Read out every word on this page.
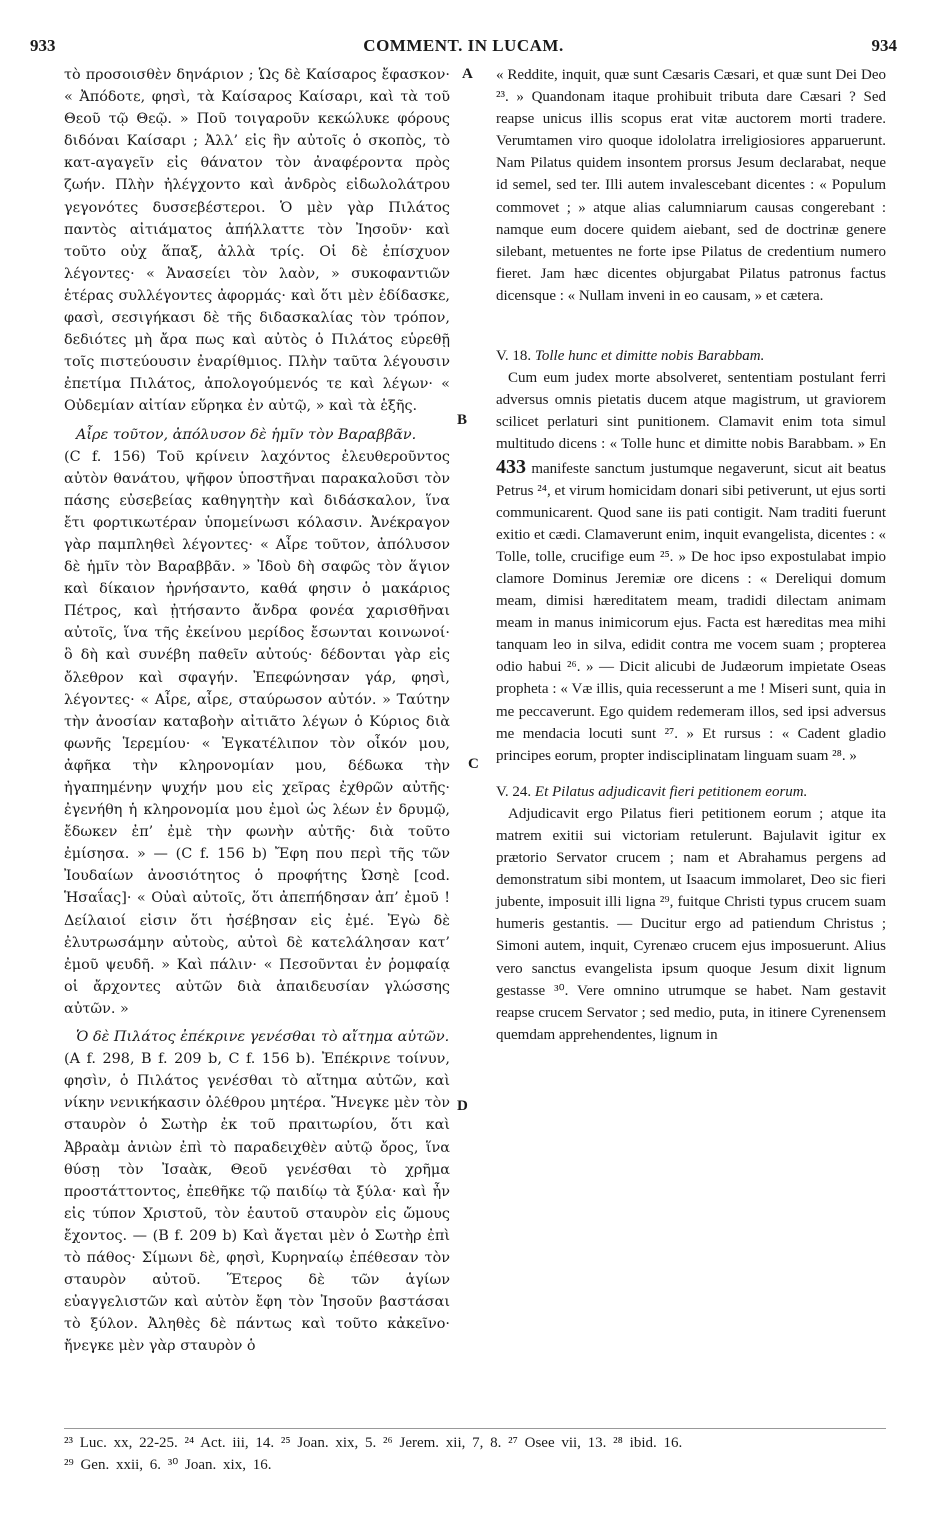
933	COMMENT. IN LUCAM.	934
A
B
C
D

τὸ προσοισθὲν δηνάριον ; Ὡς δὲ Καίσαρος ἔφασκον· « Ἀπόδοτε, φησὶ, τὰ Καίσαρος Καίσαρι, καὶ τὰ τοῦ Θεοῦ τῷ Θεῷ. » Ποῦ τοιγαροῦν κεκώλυκε φόρους διδόναι Καίσαρι ; Ἀλλ’ εἰς ἣν αὐτοῖς ὁ σκοπὸς, τὸ κατ-αγαγεῖν εἰς θάνατον τὸν ἀναφέροντα πρὸς ζωήν. Πλὴν ἠλέγχοντο καὶ ἀνδρὸς εἰδωλολάτρου γεγονότες δυσσεβέστεροι. Ὁ μὲν γὰρ Πιλάτος παντὸς αἰτιάματος ἀπήλλαττε τὸν Ἰησοῦν· καὶ τοῦτο οὐχ ἅπαξ, ἀλλὰ τρίς. Οἱ δὲ ἐπίσχυον λέγοντες· « Ἀνασείει τὸν λαὸν, » συκοφαντιῶν ἑτέρας συλλέγοντες ἀφορμάς· καὶ ὅτι μὲν ἐδίδασκε, φασὶ, σεσιγήκασι δὲ τῆς διδασκαλίας τὸν τρόπον, δεδιότες μὴ ἄρα πως καὶ αὐτὸς ὁ Πιλάτος εὑρεθῇ τοῖς πιστεύουσιν ἐναρίθμιος. Πλὴν ταῦτα λέγουσιν ἐπετίμα Πιλάτος, ἀπολογούμενός τε καὶ λέγων· « Οὐδεμίαν αἰτίαν εὕρηκα ἐν αὐτῷ, » καὶ τὰ ἑξῆς.

Αἶρε τοῦτον, ἀπόλυσον δὲ ἡμῖν τὸν Βαραββᾶν.

(C f. 156) Τοῦ κρίνειν λαχόντος ἐλευθεροῦντος αὐτὸν θανάτου, ψῆφον ὑποστῆναι παρακαλοῦσι τὸν πάσης εὐσεβείας καθηγητὴν καὶ διδάσκαλον, ἵνα ἔτι φορτικωτέραν ὑπομείνωσι κόλασιν. Ἀνέκραγον γὰρ παμπληθεὶ λέγοντες· « Αἶρε τοῦτον, ἀπόλυσον δὲ ἡμῖν τὸν Βαραββᾶν. » Ἰδοὺ δὴ σαφῶς τὸν ἅγιον καὶ δίκαιον ἠρνήσαντο, καθά φησιν ὁ μακάριος Πέτρος, καὶ ᾐτήσαντο ἄνδρα φονέα χαρισθῆναι αὐτοῖς, ἵνα τῆς ἐκείνου μερίδος ἔσωνται κοινωνοί· ὃ δὴ καὶ συνέβη παθεῖν αὐτούς· δέδονται γὰρ εἰς ὄλεθρον καὶ σφαγήν. Ἐπεφώνησαν γάρ, φησὶ, λέγοντες· « Αἶρε, αἶρε, σταύρωσον αὐτόν. » Ταύτην τὴν ἀνοσίαν καταβοὴν αἰτιᾶτο λέγων ὁ Κύριος διὰ φωνῆς Ἱερεμίου· « Ἐγκατέλιπον τὸν οἶκόν μου, ἀφῆκα τὴν κληρονομίαν μου, δέδωκα τὴν ἠγαπημένην ψυχήν μου εἰς χεῖρας ἐχθρῶν αὐτῆς· ἐγενήθη ἡ κληρονομία μου ἐμοὶ ὡς λέων ἐν δρυμῷ, ἔδωκεν ἐπ’ ἐμὲ τὴν φωνὴν αὐτῆς· διὰ τοῦτο ἐμίσησα. » — (C f. 156 b) Ἔφη που περὶ τῆς τῶν Ἰουδαίων ἀνοσιότητος ὁ προφήτης Ὠσηὲ [cod. Ἡσαΐας]· « Οὐαὶ αὐτοῖς, ὅτι ἀπεπήδησαν ἀπ’ ἐμοῦ ! Δείλαιοί εἰσιν ὅτι ἠσέβησαν εἰς ἐμέ. Ἐγὼ δὲ ἐλυτρωσάμην αὐτοὺς, αὐτοὶ δὲ κατελάλησαν κατ’ ἐμοῦ ψευδῆ. » Καὶ πάλιν· « Πεσοῦνται ἐν ῥομφαίᾳ οἱ ἄρχοντες αὐτῶν διὰ ἀπαιδευσίαν γλώσσης αὐτῶν. »

Ὁ δὲ Πιλάτος ἐπέκρινε γενέσθαι τὸ αἴτημα αὐτῶν.

(A f. 298, B f. 209 b, C f. 156 b). Ἐπέκρινε τοίνυν, φησὶν, ὁ Πιλάτος γενέσθαι τὸ αἴτημα αὐτῶν, καὶ νίκην νενικήκασιν ὀλέθρου μητέρα. Ἤνεγκε μὲν τὸν σταυρὸν ὁ Σωτὴρ ἐκ τοῦ πραιτωρίου, ὅτι καὶ Ἀβραὰμ ἀνιὼν ἐπὶ τὸ παραδειχθὲν αὐτῷ ὄρος, ἵνα θύσῃ τὸν Ἰσαὰκ, Θεοῦ γενέσθαι τὸ χρῆμα προστάττοντος, ἐπεθῆκε τῷ παιδίῳ τὰ ξύλα· καὶ ἦν εἰς τύπον Χριστοῦ, τὸν ἑαυτοῦ σταυρὸν εἰς ὤμους ἔχοντος. — (B f. 209 b) Καὶ ἄγεται μὲν ὁ Σωτὴρ ἐπὶ τὸ πάθος· Σίμωνι δὲ, φησὶ, Κυρηναίῳ ἐπέθεσαν τὸν σταυρὸν αὐτοῦ. Ἕτερος δὲ τῶν ἁγίων εὐαγγελιστῶν καὶ αὐτὸν ἔφη τὸν Ἰησοῦν βαστάσαι τὸ ξύλον. Ἀληθὲς δὲ πάντως καὶ τοῦτο κἀκεῖνο· ἤνεγκε μὲν γὰρ σταυρὸν ὁ

« Reddite, inquit, quæ sunt Cæsaris Cæsari, et quæ sunt Dei Deo ²³. » Quandonam itaque prohibuit tributa dare Cæsari ? Sed reapse unicus illis scopus erat vitæ auctorem morti tradere. Verumtamen viro quoque idololatra irreligiosiores apparuerunt. Nam Pilatus quidem insontem prorsus Jesum declarabat, neque id semel, sed ter. Illi autem invalescebant dicentes : « Populum commovet ; » atque alias calumniarum causas congerebant : namque eum docere quidem aiebant, sed de doctrinæ genere silebant, metuentes ne forte ipse Pilatus de credentium numero fieret. Jam hæc dicentes objurgabat Pilatus patronus factus dicensque : « Nullam inveni in eo causam, » et cætera.

V. 18. Tolle hunc et dimitte nobis Barabbam.

Cum eum judex morte absolveret, sententiam postulant ferri adversus omnis pietatis ducem atque magistrum, ut graviorem scilicet perlaturi sint punitionem. Clamavit enim tota simul multitudo dicens : « Tolle hunc et dimitte nobis Barabbam. » En 433 manifeste sanctum justumque negaverunt, sicut ait beatus Petrus ²⁴, et virum homicidam donari sibi petiverunt, ut ejus sorti communicarent. Quod sane iis pati contigit. Nam traditi fuerunt exitio et cædi. Clamaverunt enim, inquit evangelista, dicentes : « Tolle, tolle, crucifige eum ²⁵. » De hoc ipso expostulabat impio clamore Dominus Jeremiæ ore dicens : « Dereliqui domum meam, dimisi hæreditatem meam, tradidi dilectam animam meam in manus inimicorum ejus. Facta est hæreditas mea mihi tanquam leo in silva, edidit contra me vocem suam ; propterea odio habui ²⁶. » — Dicit alicubi de Judæorum impietate Oseas propheta : « Væ illis, quia recesserunt a me ! Miseri sunt, quia in me peccaverunt. Ego quidem redemeram illos, sed ipsi adversus me mendacia locuti sunt ²⁷. » Et rursus : « Cadent gladio principes eorum, propter indisciplinatam linguam suam ²⁸. »

V. 24. Et Pilatus adjudicavit fieri petitionem eorum.

Adjudicavit ergo Pilatus fieri petitionem eorum ; atque ita matrem exitii sui victoriam retulerunt. Bajulavit igitur ex prætorio Servator crucem ; nam et Abrahamus pergens ad demonstratum sibi montem, ut Isaacum immolaret, Deo sic fieri jubente, imposuit illi ligna ²⁹, fuitque Christi typus crucem suam humeris gestantis. — Ducitur ergo ad patiendum Christus ; Simoni autem, inquit, Cyrenæo crucem ejus imposuerunt. Alius vero sanctus evangelista ipsum quoque Jesum dixit lignum gestasse ³⁰. Vere omnino utrumque se habet. Nam gestavit reapse crucem Servator ; sed medio, puta, in itinere Cyrenensem quemdam apprehendentes, lignum in

²³ Luc. xx, 22-25. ²⁴ Act. iii, 14. ²⁵ Joan. xix, 5. ²⁶ Jerem. xii, 7, 8. ²⁷ Osee vii, 13. ²⁸ ibid. 16.
²⁹ Gen. xxii, 6. ³⁰ Joan. xix, 16.
